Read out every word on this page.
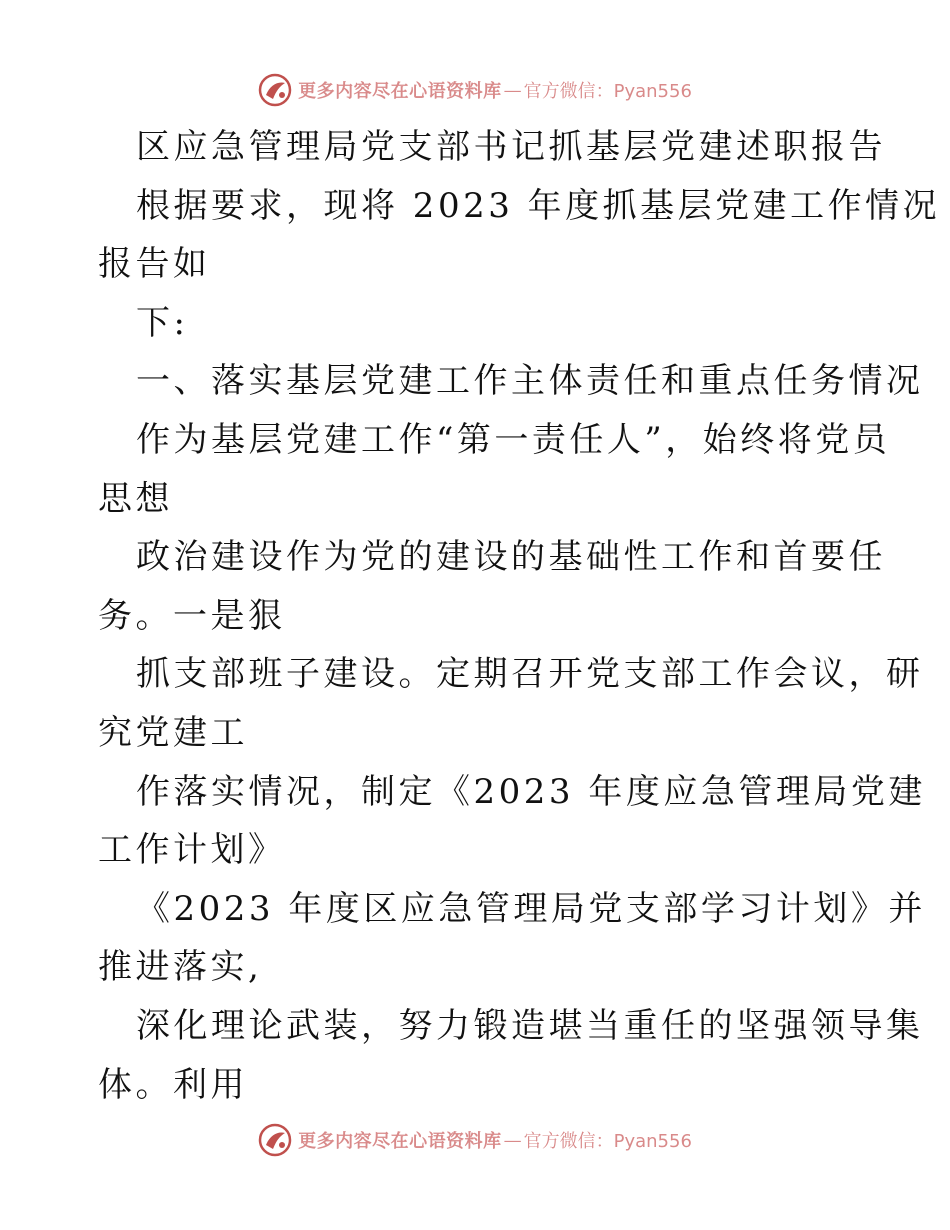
更多内容尽在心语资料库 — 官方微信：Pyan556
区应急管理局党支部书记抓基层党建述职报告
根据要求，现将 2023 年度抓基层党建工作情况
报告如
下:
一、落实基层党建工作主体责任和重点任务情况
作为基层党建工作“第一责任人”，始终将党员
思想
政治建设作为党的建设的基础性工作和首要任
务。一是狠
抓支部班子建设。定期召开党支部工作会议，研
究党建工
作落实情况，制定《2023 年度应急管理局党建
工作计划》
《2023 年度区应急管理局党支部学习计划》并
推进落实,
深化理论武装，努力锻造堪当重任的坚强领导集
体。利用
更多内容尽在心语资料库 — 官方微信：Pyan556
